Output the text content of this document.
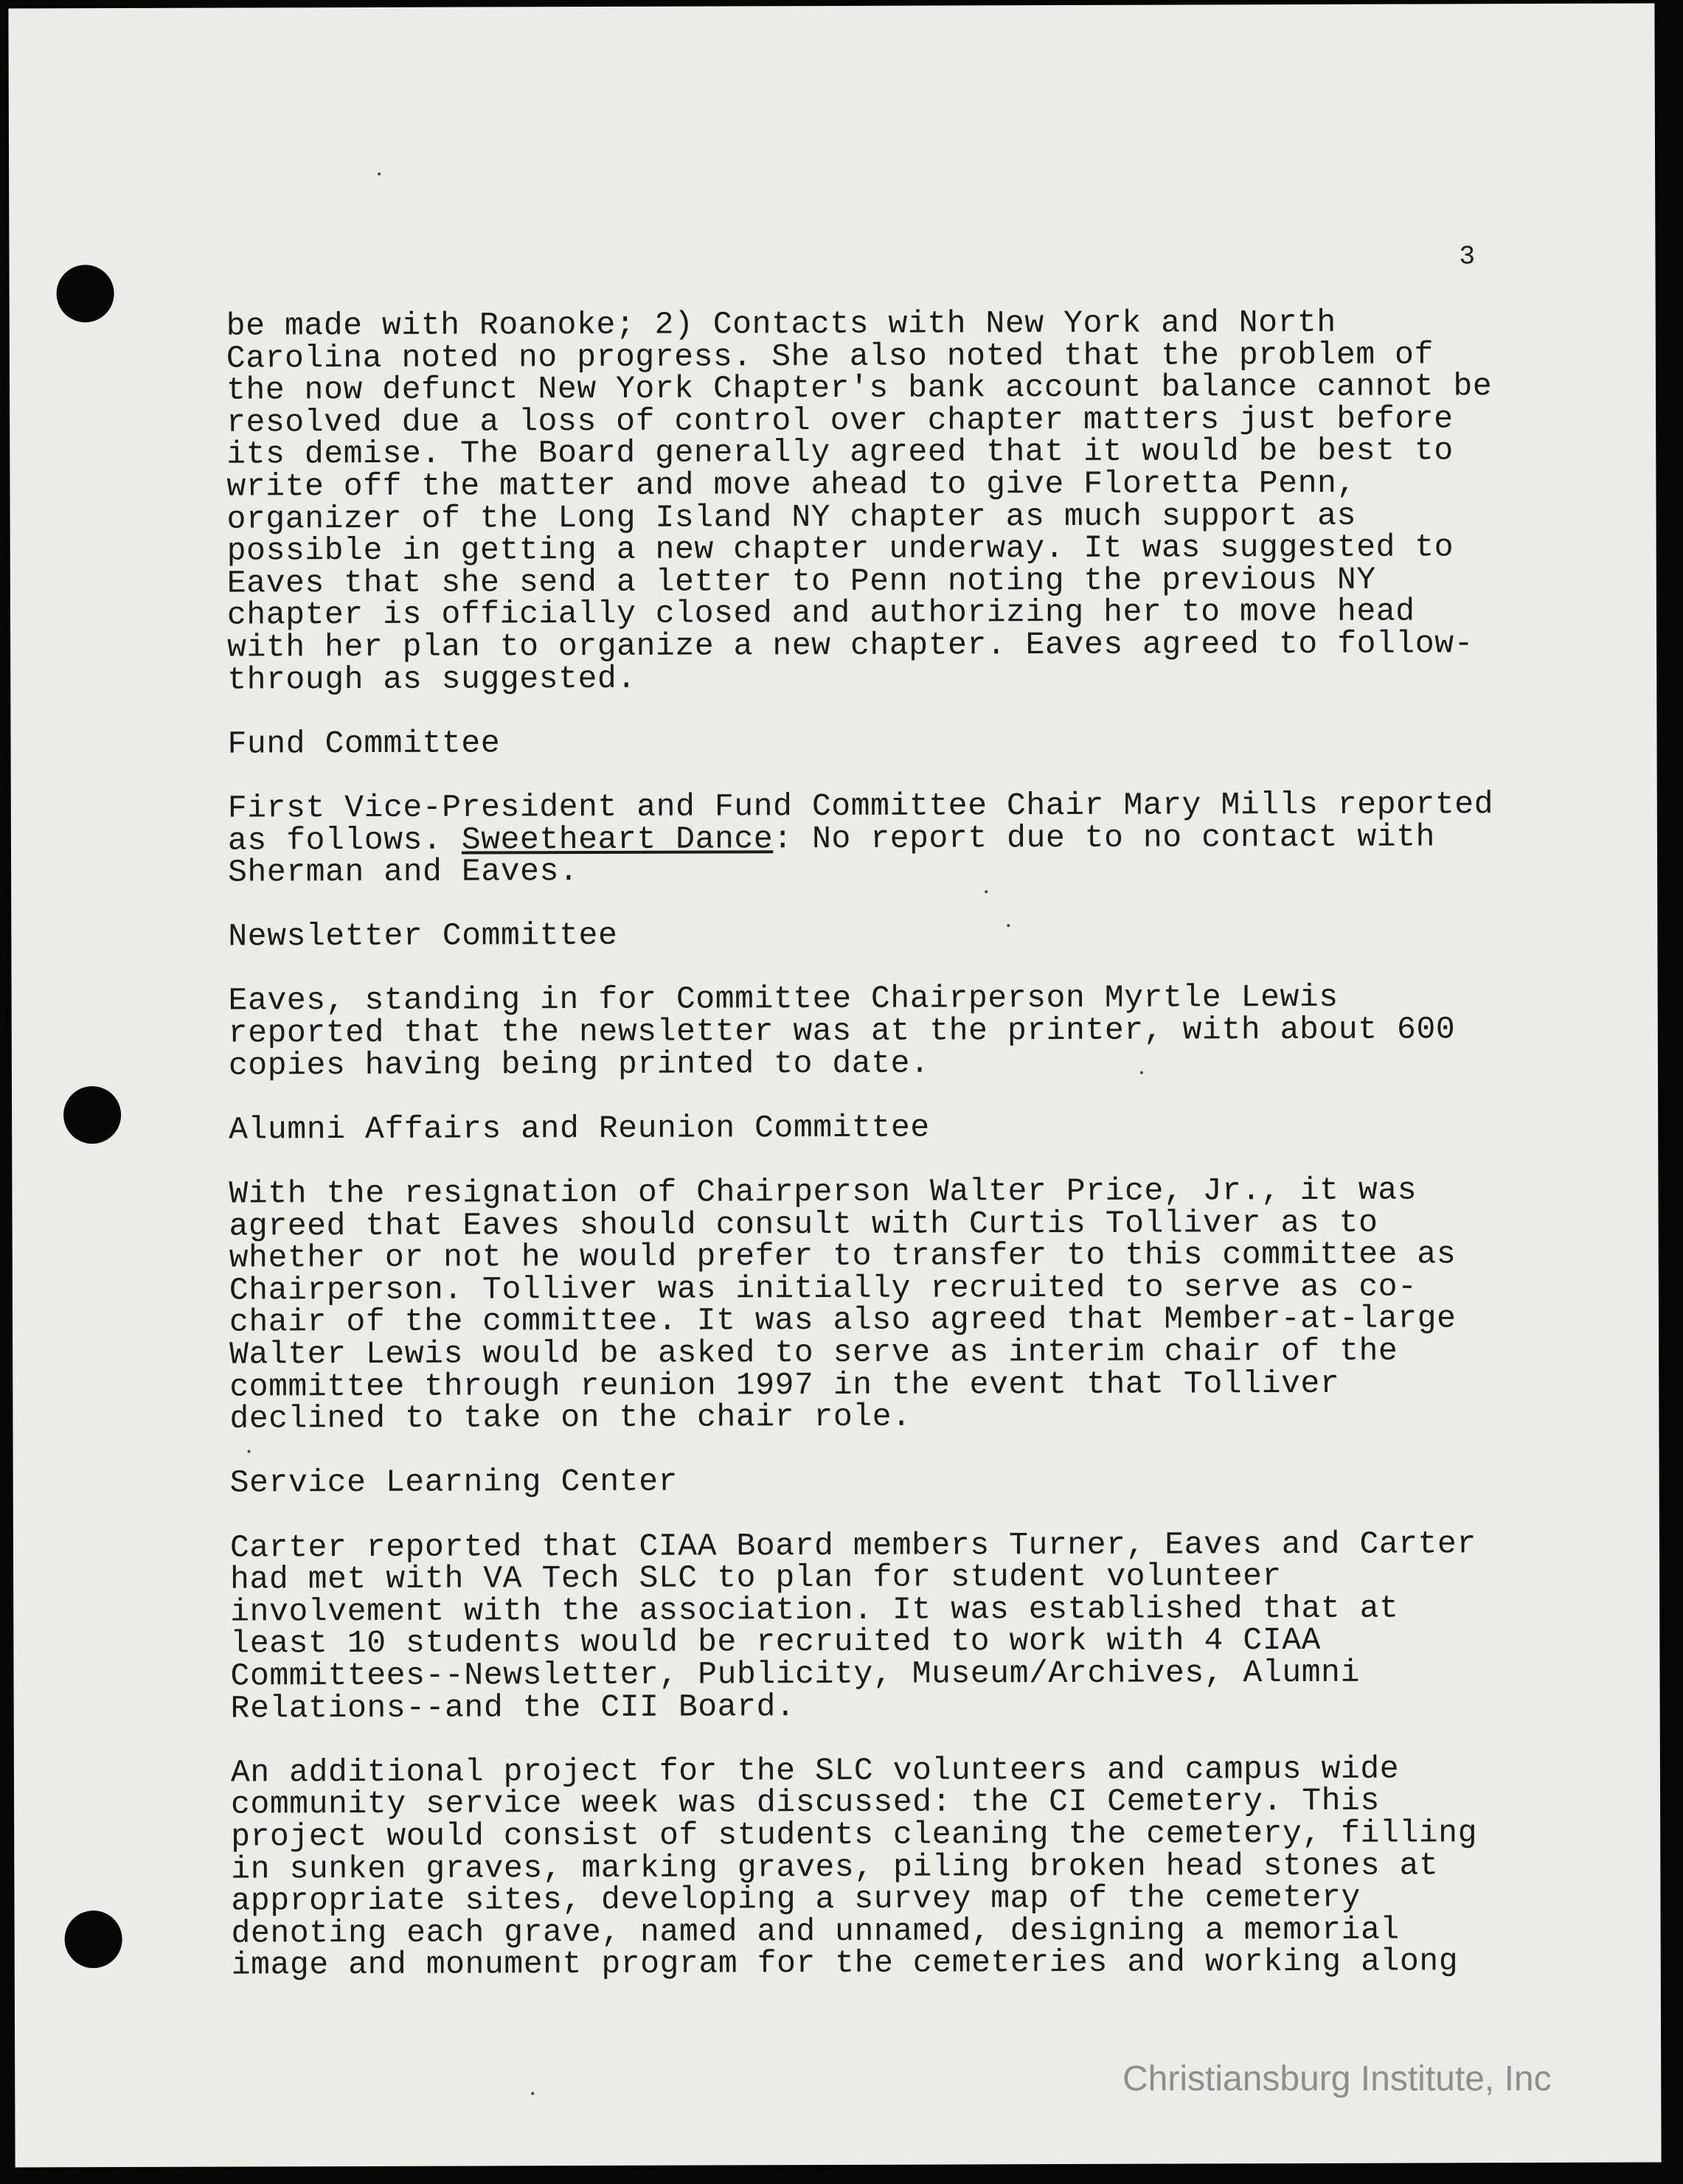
3
be made with Roanoke; 2) Contacts with New York and North
Carolina noted no progress. She also noted that the problem of
the now defunct New York Chapter's bank account balance cannot be
resolved due a loss of control over chapter matters just before
its demise. The Board generally agreed that it would be best to
write off the matter and move ahead to give Floretta Penn,
organizer of the Long Island NY chapter as much support as
possible in getting a new chapter underway. It was suggested to
Eaves that she send a letter to Penn noting the previous NY
chapter is officially closed and authorizing her to move head
with her plan to organize a new chapter. Eaves agreed to follow-
through as suggested.
Fund Committee
First Vice-President and Fund Committee Chair Mary Mills reported
as follows. Sweetheart Dance: No report due to no contact with
Sherman and Eaves.
Newsletter Committee
Eaves, standing in for Committee Chairperson Myrtle Lewis
reported that the newsletter was at the printer, with about 600
copies having being printed to date.
Alumni Affairs and Reunion Committee
With the resignation of Chairperson Walter Price, Jr., it was
agreed that Eaves should consult with Curtis Tolliver as to
whether or not he would prefer to transfer to this committee as
Chairperson. Tolliver was initially recruited to serve as co-
chair of the committee. It was also agreed that Member-at-large
Walter Lewis would be asked to serve as interim chair of the
committee through reunion 1997 in the event that Tolliver
declined to take on the chair role.
Service Learning Center
Carter reported that CIAA Board members Turner, Eaves and Carter
had met with VA Tech SLC to plan for student volunteer
involvement with the association. It was established that at
least 10 students would be recruited to work with 4 CIAA
Committees--Newsletter, Publicity, Museum/Archives, Alumni
Relations--and the CII Board.
An additional project for the SLC volunteers and campus wide
community service week was discussed: the CI Cemetery. This
project would consist of students cleaning the cemetery, filling
in sunken graves, marking graves, piling broken head stones at
appropriate sites, developing a survey map of the cemetery
denoting each grave, named and unnamed, designing a memorial
image and monument program for the cemeteries and working along
Christiansburg Institute, Inc
